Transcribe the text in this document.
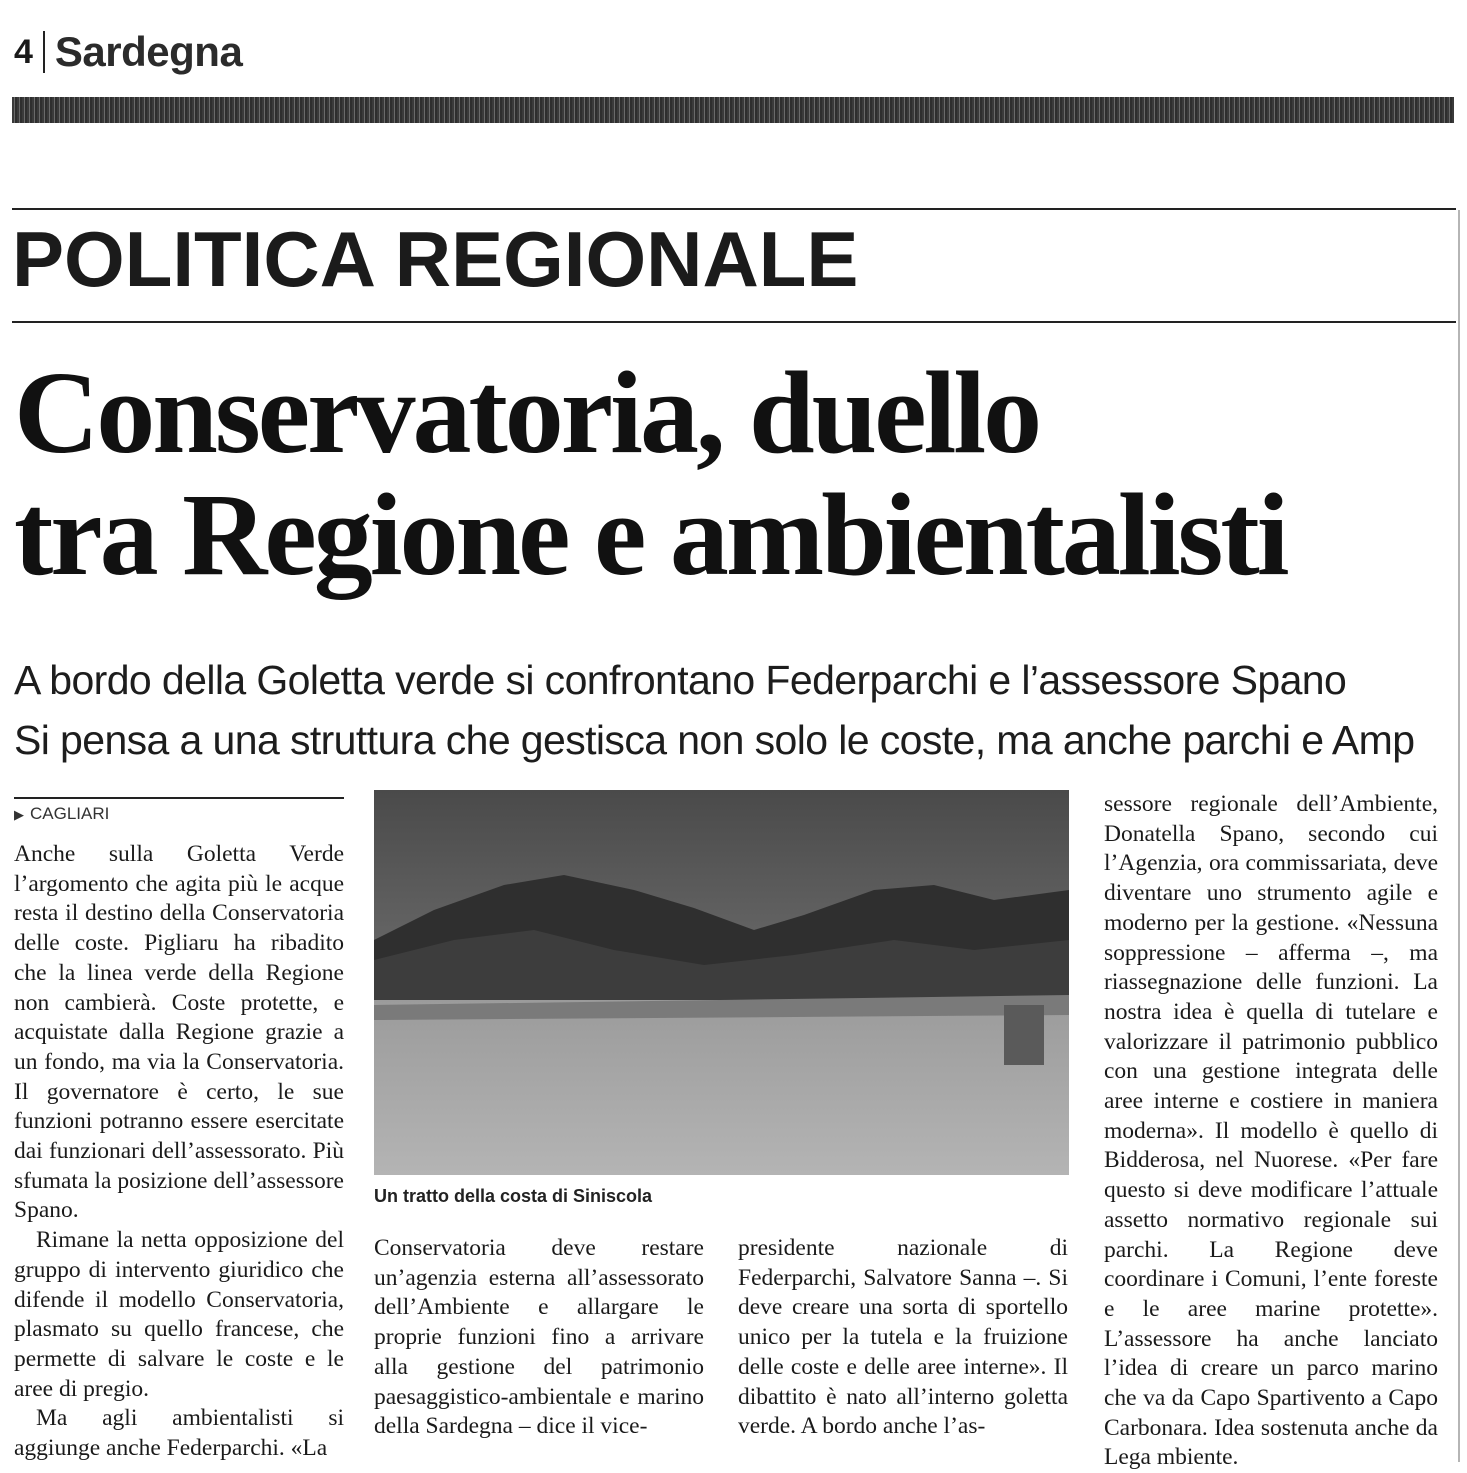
4 Sardegna
POLITICA REGIONALE
Conservatoria, duello
tra Regione e ambientalisti
A bordo della Goletta verde si confrontano Federparchi e l’assessore Spano
Si pensa a una struttura che gestisca non solo le coste, ma anche parchi e Amp
▶ CAGLIARI

Anche sulla Goletta Verde l’argomento che agita più le acque resta il destino della Conservatoria delle coste. Pigliaru ha ribadito che la linea verde della Regione non cambierà. Coste protette, e acquistate dalla Regione grazie a un fondo, ma via la Conservatoria. Il governatore è certo, le sue funzioni potranno essere esercitate dai funzionari dell’assessorato. Più sfumata la posizione dell’assessore Spano.

Rimane la netta opposizione del gruppo di intervento giuridico che difende il modello Conservatoria, plasmato su quello francese, che permette di salvare le coste e le aree di pregio.

Ma agli ambientalisti si aggiunge anche Federparchi. «La

Un tratto della costa di Siniscola

Conservatoria deve restare un’agenzia esterna all’assessorato dell’Ambiente e allargare le proprie funzioni fino a arrivare alla gestione del patrimonio paesaggistico-ambientale e marino della Sardegna – dice il vice-

presidente nazionale di Federparchi, Salvatore Sanna –. Si deve creare una sorta di sportello unico per la tutela e la fruizione delle coste e delle aree interne». Il dibattito è nato all’interno goletta verde. A bordo anche l’as-

sessore regionale dell’Ambiente, Donatella Spano, secondo cui l’Agenzia, ora commissariata, deve diventare uno strumento agile e moderno per la gestione. «Nessuna soppressione – afferma –, ma riassegnazione delle funzioni. La nostra idea è quella di tutelare e valorizzare il patrimonio pubblico con una gestione integrata delle aree interne e costiere in maniera moderna». Il modello è quello di Bidderosa, nel Nuorese. «Per fare questo si deve modificare l’attuale assetto normativo regionale sui parchi. La Regione deve coordinare i Comuni, l’ente foreste e le aree marine protette». L’assessore ha anche lanciato l’idea di creare un parco marino che va da Capo Spartivento a Capo Carbonara. Idea sostenuta anche da Lega mbiente.
